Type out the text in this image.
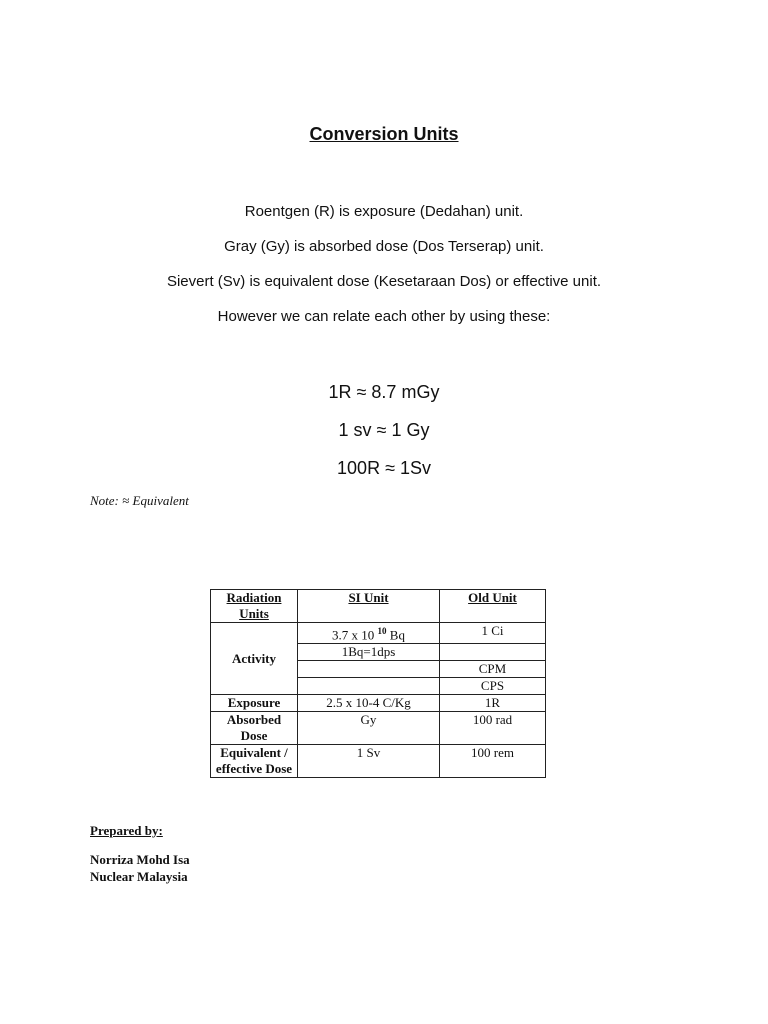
Conversion Units
Roentgen (R) is exposure (Dedahan) unit.
Gray (Gy) is absorbed dose (Dos Terserap) unit.
Sievert (Sv) is equivalent dose (Kesetaraan Dos) or effective unit.
However we can relate each other by using these:
1R ≈ 8.7 mGy
1 sv ≈ 1 Gy
100R ≈ 1Sv
Note: ≈ Equivalent
Radiation Units	SI Unit	Old Unit
Activity	3.7 x 10 $^{10}$ Bq	1 Ci
	1Bq=1dps	
		CPM
		CPS
Exposure	2.5 x 10-4 C/Kg	1R
Absorbed Dose	Gy	100 rad
Equivalent / effective Dose	1 Sv	100 rem
Prepared by:
Norriza Mohd Isa
Nuclear Malaysia
